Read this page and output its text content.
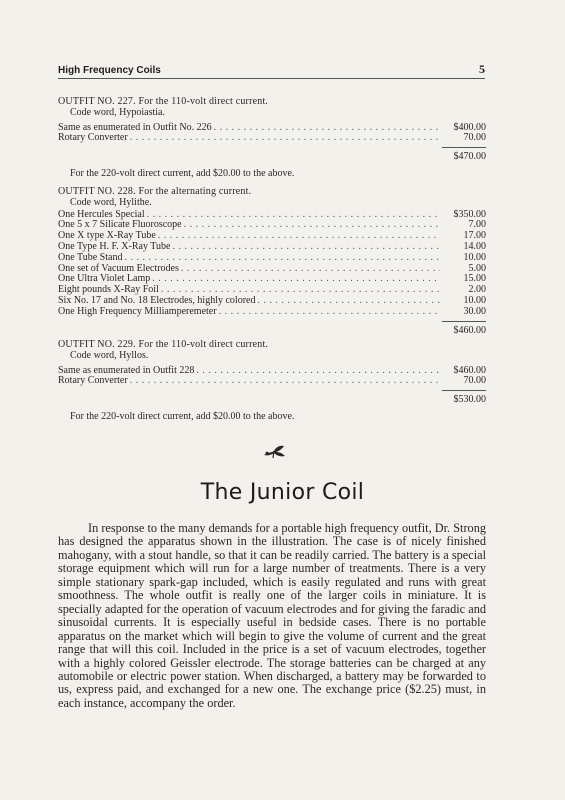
High Frequency Coils	5
OUTFIT NO. 227. For the 110-volt direct current.
Code word, Hypoiastia.
Same as enumerated in Outfit No. 226 . . .	$400.00
Rotary Converter . . .	70.00
$470.00
For the 220-volt direct current, add $20.00 to the above.
OUTFIT NO. 228. For the alternating current.
Code word, Hylithe.
One Hercules Special . . .	$350.00
One 5 x 7 Silicate Fluoroscope . . .	7.00
One X type X-Ray Tube . . .	17.00
One Type H. F. X-Ray Tube . . .	14.00
One Tube Stand . . .	10.00
One set of Vacuum Electrodes . . .	5.00
One Ultra Violet Lamp . . .	15.00
Eight pounds X-Ray Foil . . .	2.00
Six No. 17 and No. 18 Electrodes, highly colored . . .	10.00
One High Frequency Milliamperemeter . . .	30.00
$460.00
OUTFIT NO. 229. For the 110-volt direct current.
Code word, Hyllos.
Same as enumerated in Outfit 228 . . .	$460.00
Rotary Converter . . .	70.00
$530.00
For the 220-volt direct current, add $20.00 to the above.
The Junior Coil
In response to the many demands for a portable high frequency outfit, Dr. Strong has designed the apparatus shown in the illustration. The case is of nicely finished mahogany, with a stout handle, so that it can be readily carried. The battery is a special storage equipment which will run for a large number of treatments. There is a very simple stationary spark-gap included, which is easily regulated and runs with great smoothness. The whole outfit is really one of the larger coils in miniature. It is specially adapted for the operation of vacuum electrodes and for giving the faradic and sinusoidal currents. It is especially useful in bedside cases. There is no portable apparatus on the market which will begin to give the volume of current and the great range that will this coil. Included in the price is a set of vacuum electrodes, together with a highly colored Geissler electrode. The storage batteries can be charged at any automobile or electric power station. When discharged, a battery may be forwarded to us, express paid, and exchanged for a new one. The exchange price ($2.25) must, in each instance, accompany the order.
